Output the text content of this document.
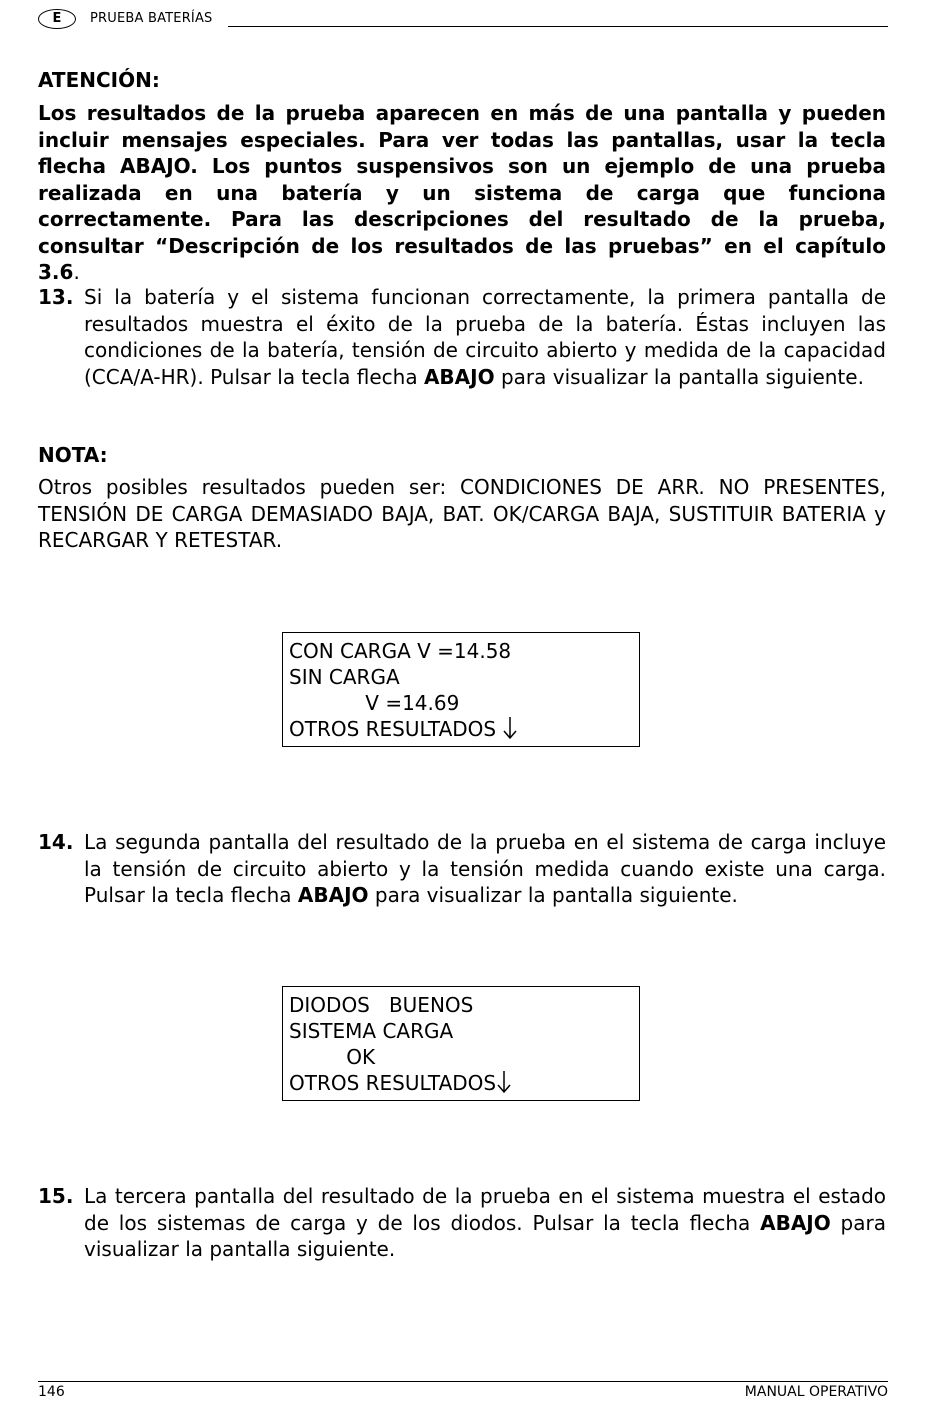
E	PRUEBA BATERÍAS
ATENCIÓN:
Los resultados de la prueba aparecen en más de una pantalla y pueden incluir mensajes especiales. Para ver todas las pantallas, usar la tecla flecha ABAJO. Los puntos suspensivos son un ejemplo de una prueba realizada en una batería y un sistema de carga que funciona correctamente. Para las descripciones del resultado de la prueba, consultar “Descripción de los resultados de las pruebas” en el capítulo 3.6.
13. Si la batería y el sistema funcionan correctamente, la primera pantalla de resultados muestra el éxito de la prueba de la batería. Éstas incluyen las condiciones de la batería, tensión de circuito abierto y medida de la capacidad (CCA/A-HR). Pulsar la tecla flecha ABAJO para visualizar la pantalla siguiente.
NOTA:
Otros posibles resultados pueden ser: CONDICIONES DE ARR. NO PRESENTES, TENSIÓN DE CARGA DEMASIADO BAJA, BAT. OK/CARGA BAJA, SUSTITUIR BATERIA y RECARGAR Y RETESTAR.
CON CARGA V =14.58
SIN CARGA
V =14.69
OTROS RESULTADOS
14. La segunda pantalla del resultado de la prueba en el sistema de carga incluye la tensión de circuito abierto y la tensión medida cuando existe una carga. Pulsar la tecla flecha ABAJO para visualizar la pantalla siguiente.
DIODOS   BUENOS
SISTEMA CARGA
OK
OTROS RESULTADOS
15. La tercera pantalla del resultado de la prueba en el sistema muestra el estado de los sistemas de carga y de los diodos. Pulsar la tecla flecha ABAJO para visualizar la pantalla siguiente.
146	MANUAL OPERATIVO
